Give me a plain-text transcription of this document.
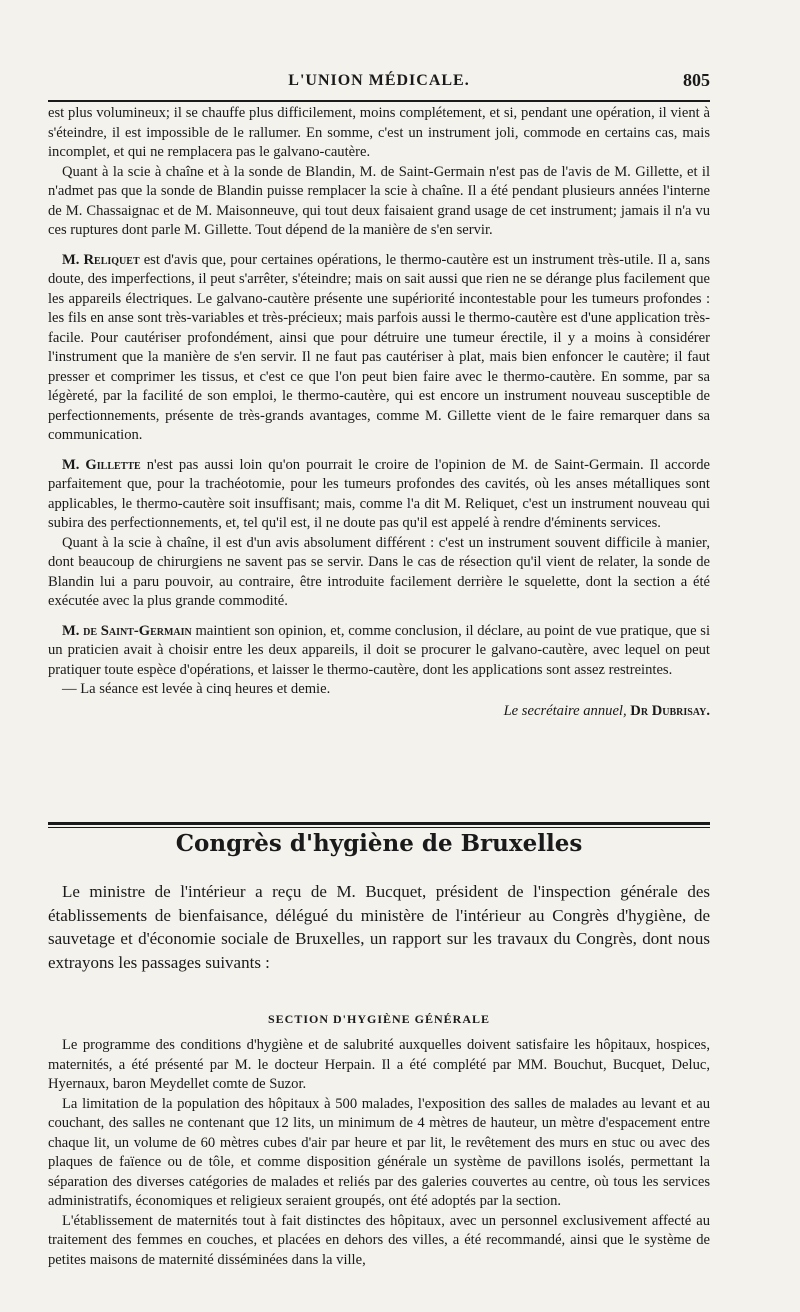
L'UNION MÉDICALE.	805

est plus volumineux; il se chauffe plus difficilement, moins complétement, et si, pendant une opération, il vient à s'éteindre, il est impossible de le rallumer. En somme, c'est un instrument joli, commode en certains cas, mais incomplet, et qui ne remplacera pas le galvano-cautère.

Quant à la scie à chaîne et à la sonde de Blandin, M. de Saint-Germain n'est pas de l'avis de M. Gillette, et il n'admet pas que la sonde de Blandin puisse remplacer la scie à chaîne. Il a été pendant plusieurs années l'interne de M. Chassaignac et de M. Maisonneuve, qui tout deux faisaient grand usage de cet instrument; jamais il n'a vu ces ruptures dont parle M. Gillette. Tout dépend de la manière de s'en servir.

M. Reliquet est d'avis que, pour certaines opérations, le thermo-cautère est un instrument très-utile. Il a, sans doute, des imperfections, il peut s'arrêter, s'éteindre; mais on sait aussi que rien ne se dérange plus facilement que les appareils électriques. Le galvano-cautère présente une supériorité incontestable pour les tumeurs profondes : les fils en anse sont très-variables et très-précieux; mais parfois aussi le thermo-cautère est d'une application très-facile. Pour cautériser profondément, ainsi que pour détruire une tumeur érectile, il y a moins à considérer l'instrument que la manière de s'en servir. Il ne faut pas cautériser à plat, mais bien enfoncer le cautère; il faut presser et comprimer les tissus, et c'est ce que l'on peut bien faire avec le thermo-cautère. En somme, par sa légèreté, par la facilité de son emploi, le thermo-cautère, qui est encore un instrument nouveau susceptible de perfectionnements, présente de très-grands avantages, comme M. Gillette vient de le faire remarquer dans sa communication.

M. Gillette n'est pas aussi loin qu'on pourrait le croire de l'opinion de M. de Saint-Germain. Il accorde parfaitement que, pour la trachéotomie, pour les tumeurs profondes des cavités, où les anses métalliques sont applicables, le thermo-cautère soit insuffisant; mais, comme l'a dit M. Reliquet, c'est un instrument nouveau qui subira des perfectionnements, et, tel qu'il est, il ne doute pas qu'il est appelé à rendre d'éminents services.

Quant à la scie à chaîne, il est d'un avis absolument différent : c'est un instrument souvent difficile à manier, dont beaucoup de chirurgiens ne savent pas se servir. Dans le cas de résection qu'il vient de relater, la sonde de Blandin lui a paru pouvoir, au contraire, être introduite facilement derrière le squelette, dont la section a été exécutée avec la plus grande commodité.

M. de Saint-Germain maintient son opinion, et, comme conclusion, il déclare, au point de vue pratique, que si un praticien avait à choisir entre les deux appareils, il doit se procurer le galvano-cautère, avec lequel on peut pratiquer toute espèce d'opérations, et laisser le thermo-cautère, dont les applications sont assez restreintes.

— La séance est levée à cinq heures et demie.

Le secrétaire annuel, Dr Dubrisay.
Congrès d'hygiène de Bruxelles

Le ministre de l'intérieur a reçu de M. Bucquet, président de l'inspection générale des établissements de bienfaisance, délégué du ministère de l'intérieur au Congrès d'hygiène, de sauvetage et d'économie sociale de Bruxelles, un rapport sur les travaux du Congrès, dont nous extrayons les passages suivants :

SECTION D'HYGIÈNE GÉNÉRALE

Le programme des conditions d'hygiène et de salubrité auxquelles doivent satisfaire les hôpitaux, hospices, maternités, a été présenté par M. le docteur Herpain. Il a été complété par MM. Bouchut, Bucquet, Deluc, Hyernaux, baron Meydellet comte de Suzor.

La limitation de la population des hôpitaux à 500 malades, l'exposition des salles de malades au levant et au couchant, des salles ne contenant que 12 lits, un minimum de 4 mètres de hauteur, un mètre d'espacement entre chaque lit, un volume de 60 mètres cubes d'air par heure et par lit, le revêtement des murs en stuc ou avec des plaques de faïence ou de tôle, et comme disposition générale un système de pavillons isolés, permettant la séparation des diverses catégories de malades et reliés par des galeries couvertes au centre, où tous les services administratifs, économiques et religieux seraient groupés, ont été adoptés par la section.

L'établissement de maternités tout à fait distinctes des hôpitaux, avec un personnel exclusivement affecté au traitement des femmes en couches, et placées en dehors des villes, a été recommandé, ainsi que le système de petites maisons de maternité disséminées dans la ville,
